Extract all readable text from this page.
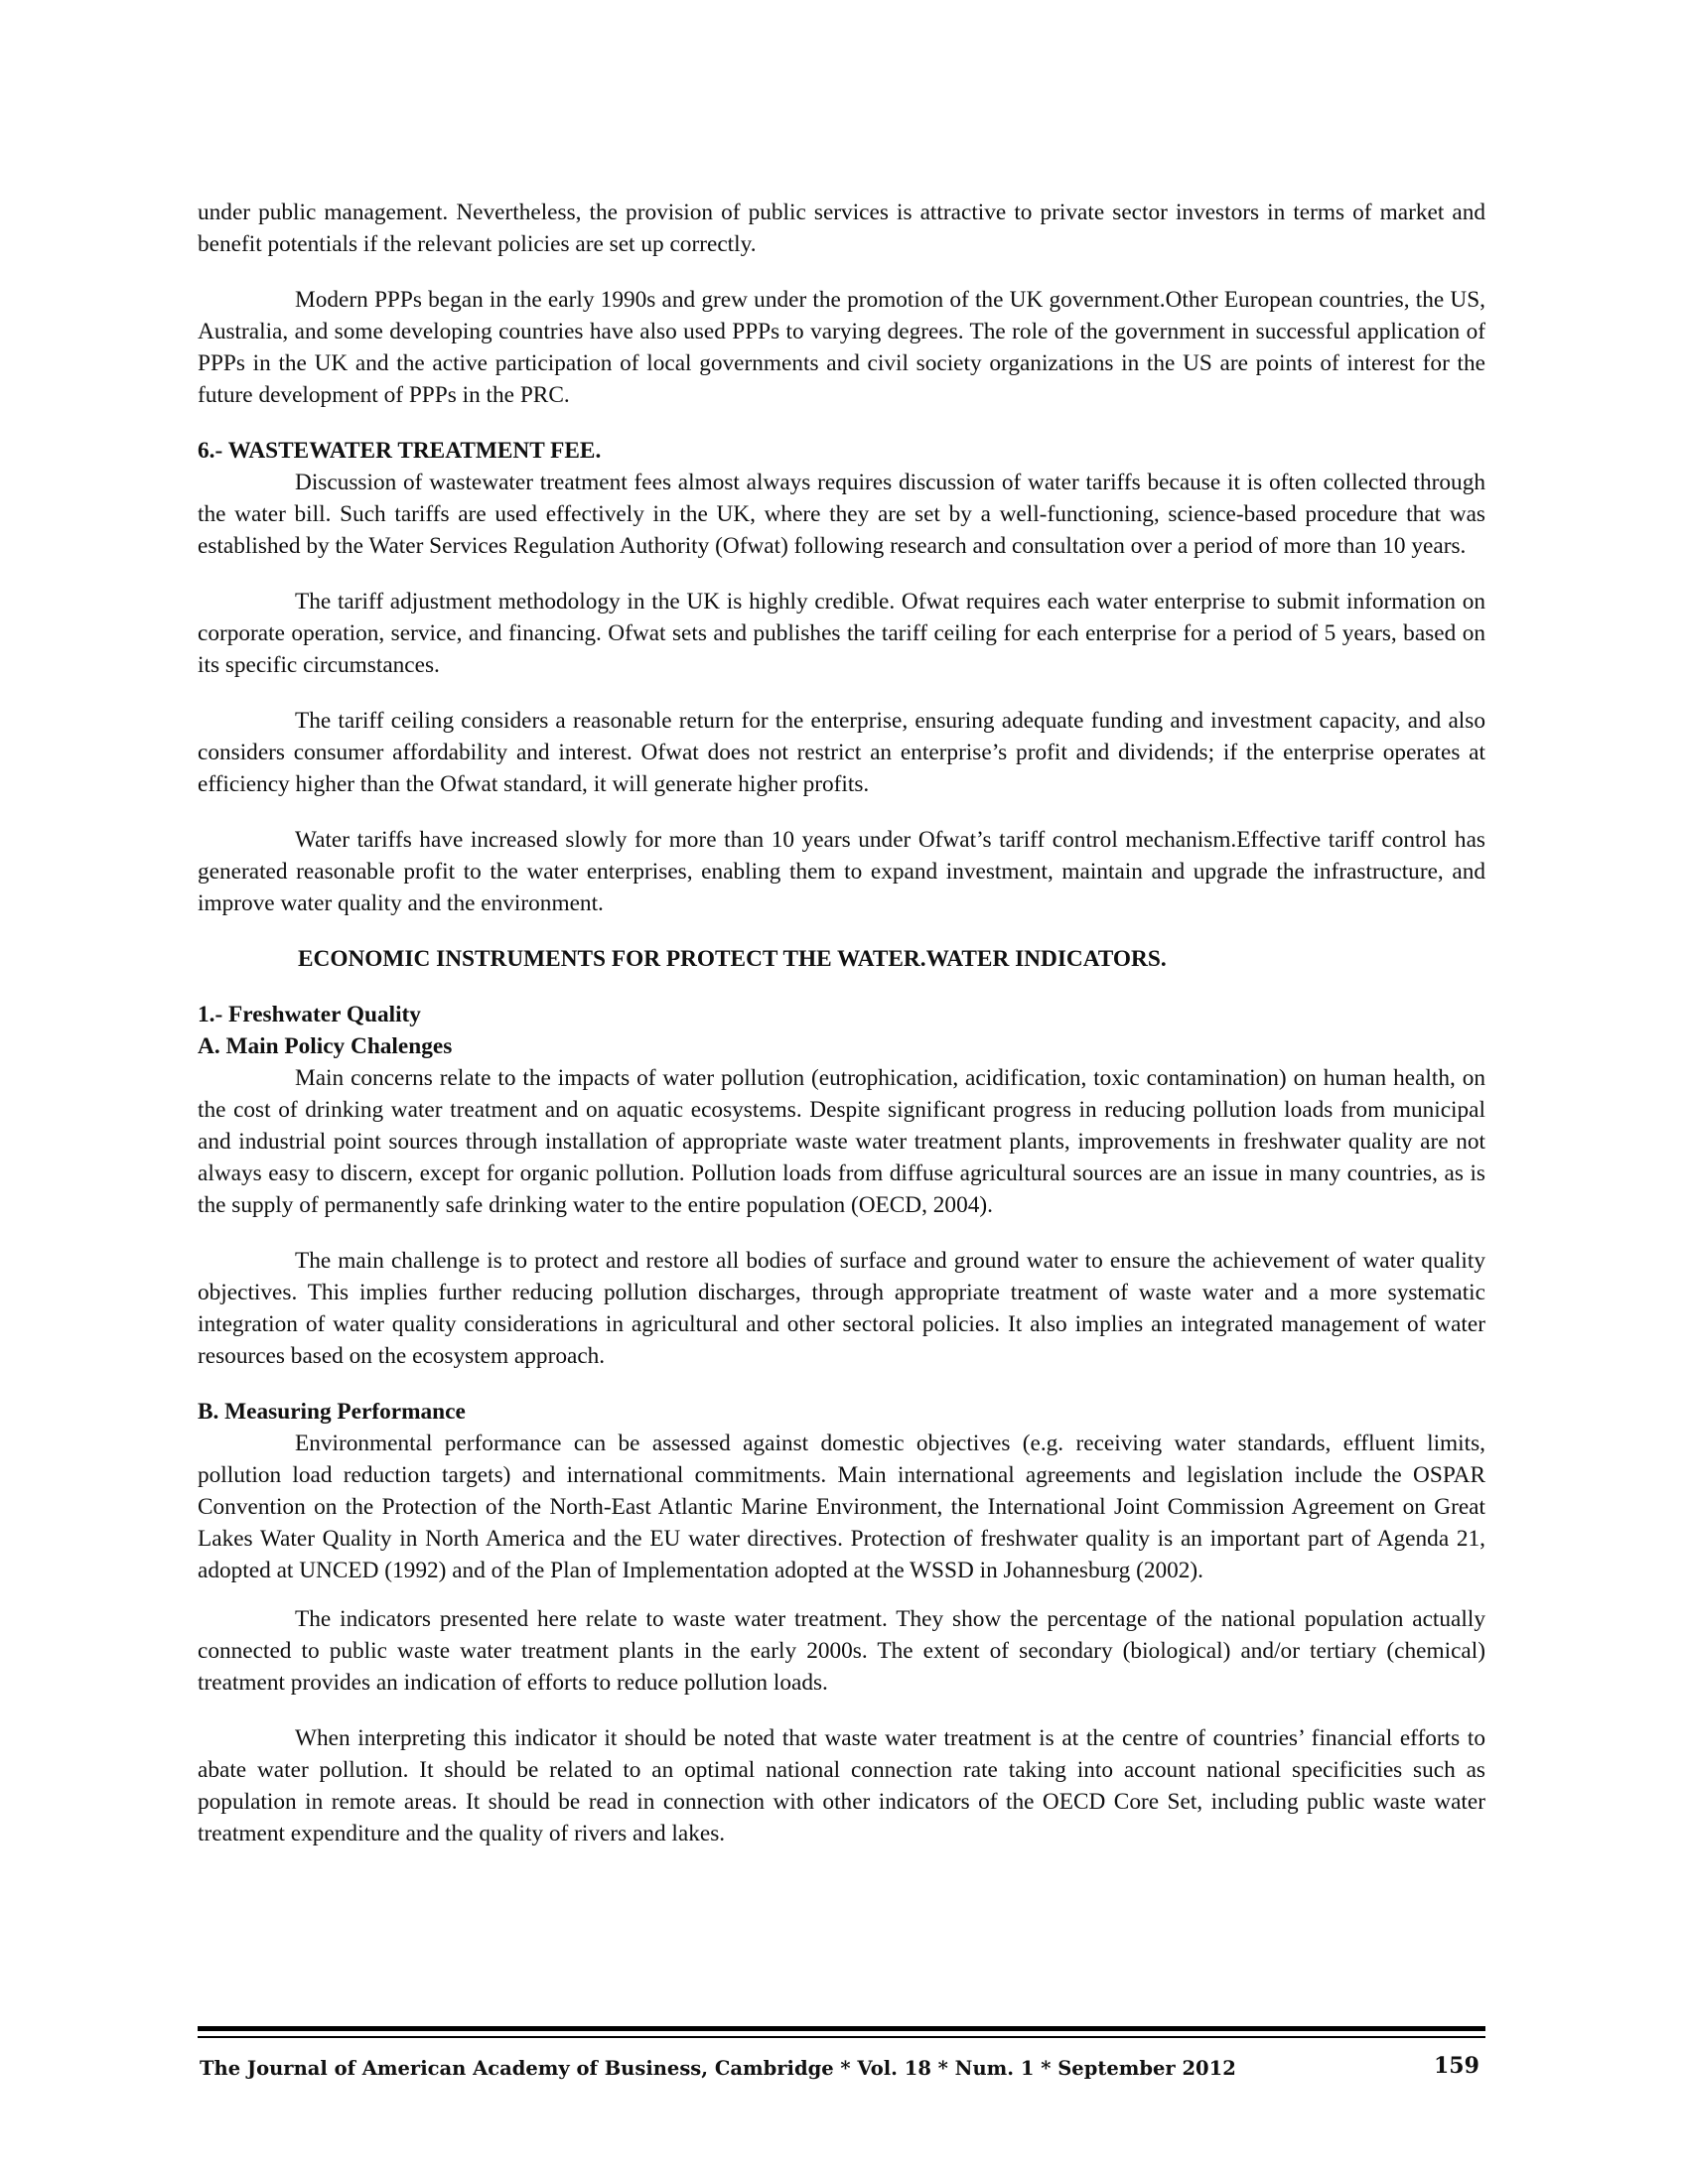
under public management. Nevertheless, the provision of public services is attractive to private sector investors in terms of market and benefit potentials if the relevant policies are set up correctly.

Modern PPPs began in the early 1990s and grew under the promotion of the UK government.Other European countries, the US, Australia, and some developing countries have also used PPPs to varying degrees. The role of the government in successful application of PPPs in the UK and the active participation of local governments and civil society organizations in the US are points of interest for the future development of PPPs in the PRC.

6.- WASTEWATER TREATMENT FEE.

Discussion of wastewater treatment fees almost always requires discussion of water tariffs because it is often collected through the water bill. Such tariffs are used effectively in the UK, where they are set by a well-functioning, science-based procedure that was established by the Water Services Regulation Authority (Ofwat) following research and consultation over a period of more than 10 years.

The tariff adjustment methodology in the UK is highly credible. Ofwat requires each water enterprise to submit information on corporate operation, service, and financing. Ofwat sets and publishes the tariff ceiling for each enterprise for a period of 5 years, based on its specific circumstances.

The tariff ceiling considers a reasonable return for the enterprise, ensuring adequate funding and investment capacity, and also considers consumer affordability and interest. Ofwat does not restrict an enterprise’s profit and dividends; if the enterprise operates at efficiency higher than the Ofwat standard, it will generate higher profits.

Water tariffs have increased slowly for more than 10 years under Ofwat’s tariff control mechanism.Effective tariff control has generated reasonable profit to the water enterprises, enabling them to expand investment, maintain and upgrade the infrastructure, and improve water quality and the environment.

ECONOMIC INSTRUMENTS FOR PROTECT THE WATER.WATER INDICATORS.
1.- Freshwater Quality
A. Main Policy Chalenges

Main concerns relate to the impacts of water pollution (eutrophication, acidification, toxic contamination) on human health, on the cost of drinking water treatment and on aquatic ecosystems. Despite significant progress in reducing pollution loads from municipal and industrial point sources through installation of appropriate waste water treatment plants, improvements in freshwater quality are not always easy to discern, except for organic pollution. Pollution loads from diffuse agricultural sources are an issue in many countries, as is the supply of permanently safe drinking water to the entire population (OECD, 2004).

The main challenge is to protect and restore all bodies of surface and ground water to ensure the achievement of water quality objectives. This implies further reducing pollution discharges, through appropriate treatment of waste water and a more systematic integration of water quality considerations in agricultural and other sectoral policies. It also implies an integrated management of water resources based on the ecosystem approach.

B. Measuring Performance

Environmental performance can be assessed against domestic objectives (e.g. receiving water standards, effluent limits, pollution load reduction targets) and international commitments. Main international agreements and legislation include the OSPAR Convention on the Protection of the North-East Atlantic Marine Environment, the International Joint Commission Agreement on Great Lakes Water Quality in North America and the EU water directives. Protection of freshwater quality is an important part of Agenda 21, adopted at UNCED (1992) and of the Plan of Implementation adopted at the WSSD in Johannesburg (2002).

The indicators presented here relate to waste water treatment. They show the percentage of the national population actually connected to public waste water treatment plants in the early 2000s. The extent of secondary (biological) and/or tertiary (chemical) treatment provides an indication of efforts to reduce pollution loads.

When interpreting this indicator it should be noted that waste water treatment is at the centre of countries’ financial efforts to abate water pollution. It should be related to an optimal national connection rate taking into account national specificities such as population in remote areas. It should be read in connection with other indicators of the OECD Core Set, including public waste water treatment expenditure and the quality of rivers and lakes.

The Journal of American Academy of Business, Cambridge * Vol. 18 * Num. 1 * September 2012	159
